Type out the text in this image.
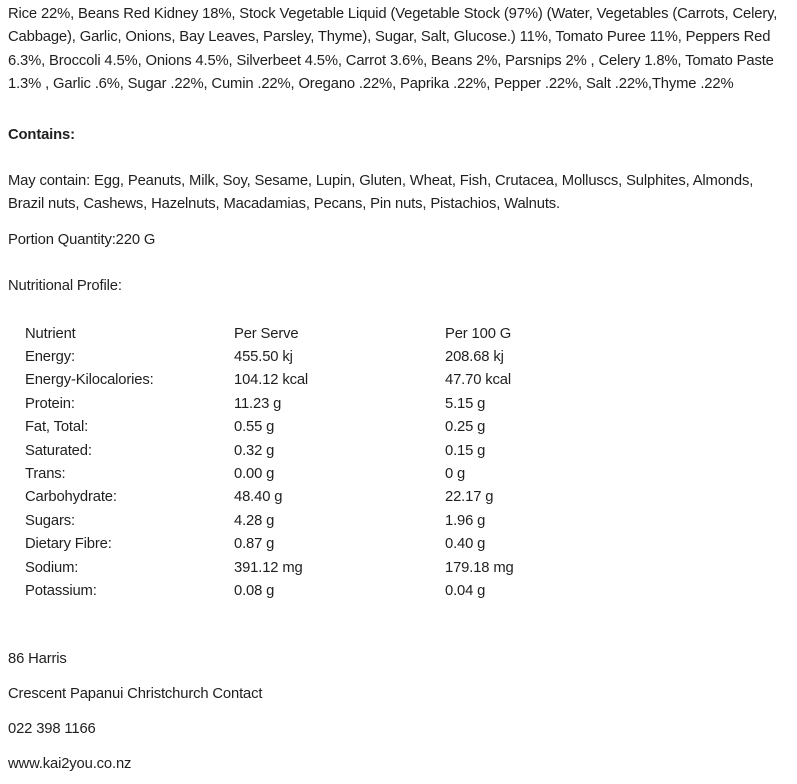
Rice 22%, Beans Red Kidney 18%, Stock Vegetable Liquid (Vegetable Stock (97%) (Water, Vegetables (Carrots, Celery, Cabbage), Garlic, Onions, Bay Leaves, Parsley, Thyme), Sugar, Salt, Glucose.) 11%, Tomato Puree 11%, Peppers Red 6.3%, Broccoli 4.5%, Onions 4.5%, Silverbeet 4.5%, Carrot 3.6%, Beans 2%, Parsnips 2% , Celery 1.8%, Tomato Paste 1.3% , Garlic .6%, Sugar .22%, Cumin .22%, Oregano .22%, Paprika .22%, Pepper .22%, Salt .22%,Thyme .22%

Contains:

May contain: Egg, Peanuts, Milk, Soy, Sesame, Lupin, Gluten, Wheat, Fish, Crutacea, Molluscs, Sulphites, Almonds, Brazil nuts, Cashews, Hazelnuts, Macadamias, Pecans, Pin nuts, Pistachios, Walnuts.

Portion Quantity:220 G

Nutritional Profile:

Nutrient	Per Serve	Per 100 G
Energy:	455.50 kj	208.68 kj
Energy-Kilocalories:	104.12 kcal	47.70 kcal
Protein:	11.23 g	5.15 g
Fat, Total:	0.55 g	0.25 g
Saturated:	0.32 g	0.15 g
Trans:	0.00 g	0 g
Carbohydrate:	48.40 g	22.17 g
Sugars:	4.28 g	1.96 g
Dietary Fibre:	0.87 g	0.40 g
Sodium:	391.12 mg	179.18 mg
Potassium:	0.08 g	0.04 g

86 Harris

Crescent Papanui Christchurch Contact

022 398 1166

www.kai2you.co.nz
